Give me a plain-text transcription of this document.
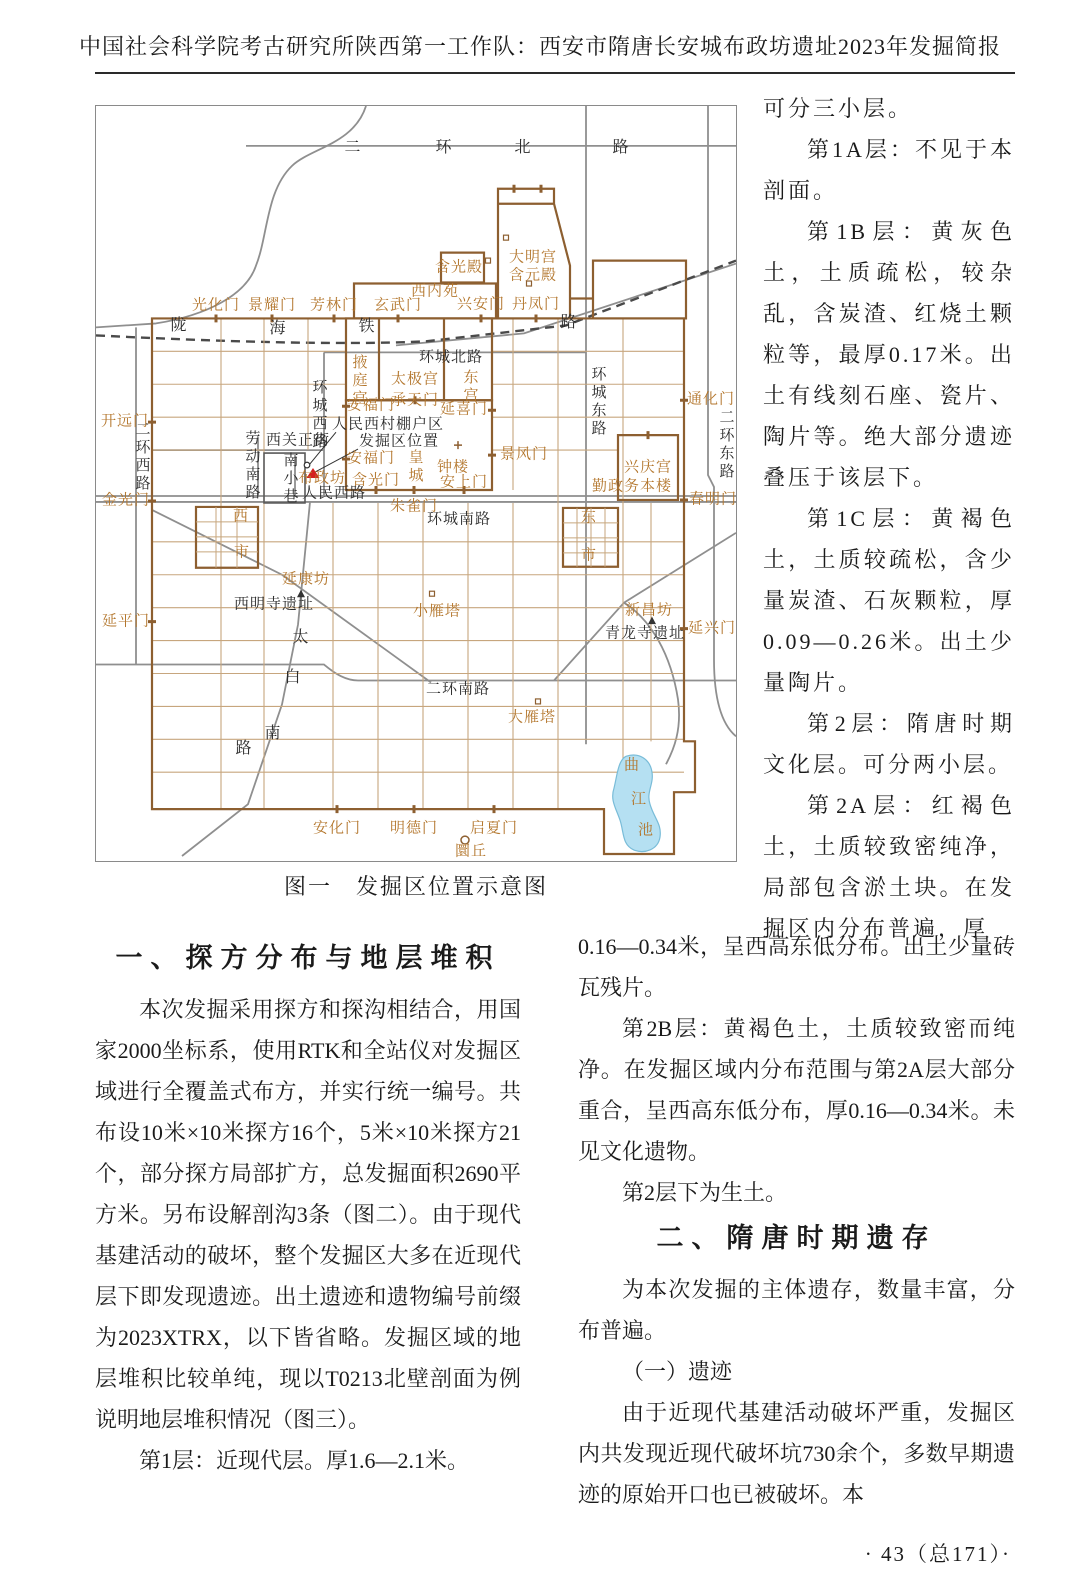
中国社会科学院考古研究所陕西第一工作队：西安市隋唐长安城布政坊遗址2023年发掘简报
二	环	北	路
陇	海	铁	路
环城北路
环城西路	环城东路
环城南路
二环西路	二环东路
二环南路
西关正街
劳动南路 南小巷
人民西村棚户区
发掘区位置
人民西路
西明寺遗址
青龙寺遗址
太
白
南
路
大明宫
含元殿
含光殿
西内苑
光化门 景耀门 芳林门 玄武门 兴安门 丹凤门
掖庭宫 太极宫
承天门 东宫
开远门
通化门
安福门	延喜门
安福门
布政坊 含光门 皇城 钟楼
安上门
景风门
朱雀门
兴庆宫
勤政务本楼
金光门	春明门
延平门	延兴门
西
市
东
市
延康坊
小雁塔	新昌坊
大雁塔
安化门 明德门 启夏门
圜丘
曲
江
池
图一　发掘区位置示意图
一、探方分布与地层堆积

本次发掘采用探方和探沟相结合，用国家2000坐标系，使用RTK和全站仪对发掘区域进行全覆盖式布方，并实行统一编号。共布设10米×10米探方16个，5米×10米探方21个，部分探方局部扩方，总发掘面积2690平方米。另布设解剖沟3条（图二）。由于现代基建活动的破坏，整个发掘区大多在近现代层下即发现遗迹。出土遗迹和遗物编号前缀为2023XTRX，以下皆省略。发掘区域的地层堆积比较单纯，现以T0213北壁剖面为例说明地层堆积情况（图三）。

第1层：近现代层。厚1.6—2.1米。

可分三小层。

第1A层：不见于本剖面。

第1B层：黄灰色土，土质疏松，较杂乱，含炭渣、红烧土颗粒等，最厚0.17米。出土有线刻石座、瓷片、陶片等。绝大部分遗迹叠压于该层下。

第1C层：黄褐色土，土质较疏松，含少量炭渣、石灰颗粒，厚0.09—0.26米。出土少量陶片。

第2层：隋唐时期文化层。可分两小层。

第2A层：红褐色土，土质较致密纯净，局部包含淤土块。在发掘区内分布普遍，厚

0.16—0.34米，呈西高东低分布。出土少量砖瓦残片。

第2B层：黄褐色土，土质较致密而纯净。在发掘区域内分布范围与第2A层大部分重合，呈西高东低分布，厚0.16—0.34米。未见文化遗物。

第2层下为生土。

二、隋唐时期遗存

为本次发掘的主体遗存，数量丰富，分布普遍。

（一）遗迹

由于近现代基建活动破坏严重，发掘区内共发现近现代破坏坑730余个，多数早期遗迹的原始开口也已被破坏。本

· 43（总171）·
